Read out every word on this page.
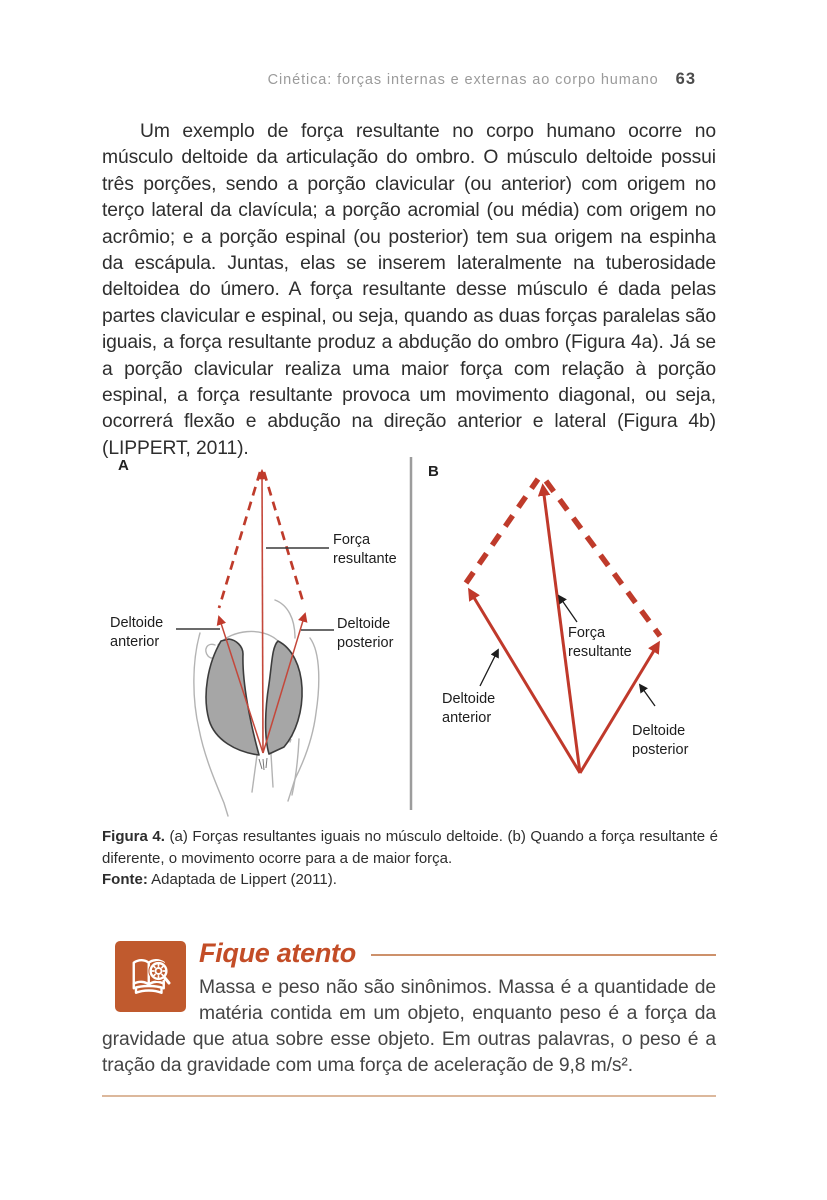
Cinética: forças internas e externas ao corpo humano 63

Um exemplo de força resultante no corpo humano ocorre no músculo deltoide da articulação do ombro. O músculo deltoide possui três porções, sendo a porção clavicular (ou anterior) com origem no terço lateral da clavícula; a porção acromial (ou média) com origem no acrômio; e a porção espinal (ou posterior) tem sua origem na espinha da escápula. Juntas, elas se inserem lateralmente na tuberosidade deltoidea do úmero. A força resultante desse músculo é dada pelas partes clavicular e espinal, ou seja, quando as duas forças paralelas são iguais, a força resultante produz a abdução do ombro (Figura 4a). Já se a porção clavicular realiza uma maior força com relação à porção espinal, a força resultante provoca um movimento diagonal, ou seja, ocorrerá flexão e abdução na direção anterior e lateral (Figura 4b) (LIPPERT, 2011).

A	B
Força resultante
Deltoide anterior
Deltoide posterior
Força resultante
Deltoide anterior
Deltoide posterior
Figura 4. (a) Forças resultantes iguais no músculo deltoide. (b) Quando a força resultante é diferente, o movimento ocorre para a de maior força.
Fonte: Adaptada de Lippert (2011).
Fique atento

Massa e peso não são sinônimos. Massa é a quantidade de matéria contida em um objeto, enquanto peso é a força da gravidade que atua sobre esse objeto. Em outras palavras, o peso é a tração da gravidade com uma força de aceleração de 9,8 m/s².
